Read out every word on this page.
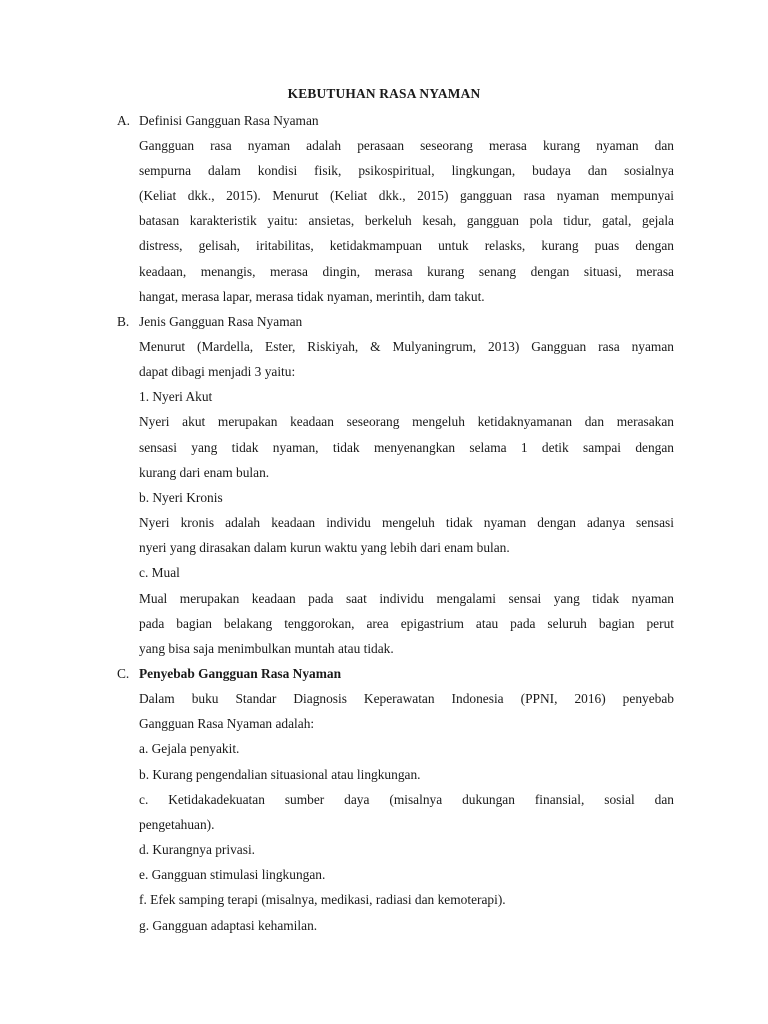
KEBUTUHAN RASA NYAMAN
A. Definisi Gangguan Rasa Nyaman
Gangguan rasa nyaman adalah perasaan seseorang merasa kurang nyaman dan
sempurna dalam kondisi fisik, psikospiritual, lingkungan, budaya dan sosialnya
(Keliat dkk., 2015). Menurut (Keliat dkk., 2015) gangguan rasa nyaman mempunyai
batasan karakteristik yaitu: ansietas, berkeluh kesah, gangguan pola tidur, gatal, gejala
distress, gelisah, iritabilitas, ketidakmampuan untuk relasks, kurang puas dengan
keadaan, menangis, merasa dingin, merasa kurang senang dengan situasi, merasa
hangat, merasa lapar, merasa tidak nyaman, merintih, dam takut.
B. Jenis Gangguan Rasa Nyaman
Menurut (Mardella, Ester, Riskiyah, & Mulyaningrum, 2013) Gangguan rasa nyaman
dapat dibagi menjadi 3 yaitu:
1. Nyeri Akut
Nyeri akut merupakan keadaan seseorang mengeluh ketidaknyamanan dan merasakan
sensasi yang tidak nyaman, tidak menyenangkan selama 1 detik sampai dengan
kurang dari enam bulan.
b. Nyeri Kronis
Nyeri kronis adalah keadaan individu mengeluh tidak nyaman dengan adanya sensasi
nyeri yang dirasakan dalam kurun waktu yang lebih dari enam bulan.
c. Mual
Mual merupakan keadaan pada saat individu mengalami sensai yang tidak nyaman
pada bagian belakang tenggorokan, area epigastrium atau pada seluruh bagian perut
yang bisa saja menimbulkan muntah atau tidak.
C. Penyebab Gangguan Rasa Nyaman
Dalam buku Standar Diagnosis Keperawatan Indonesia (PPNI, 2016) penyebab
Gangguan Rasa Nyaman adalah:
a. Gejala penyakit.
b. Kurang pengendalian situasional atau lingkungan.
c. Ketidakadekuatan sumber daya (misalnya dukungan finansial, sosial dan
pengetahuan).
d. Kurangnya privasi.
e. Gangguan stimulasi lingkungan.
f. Efek samping terapi (misalnya, medikasi, radiasi dan kemoterapi).
g. Gangguan adaptasi kehamilan.
